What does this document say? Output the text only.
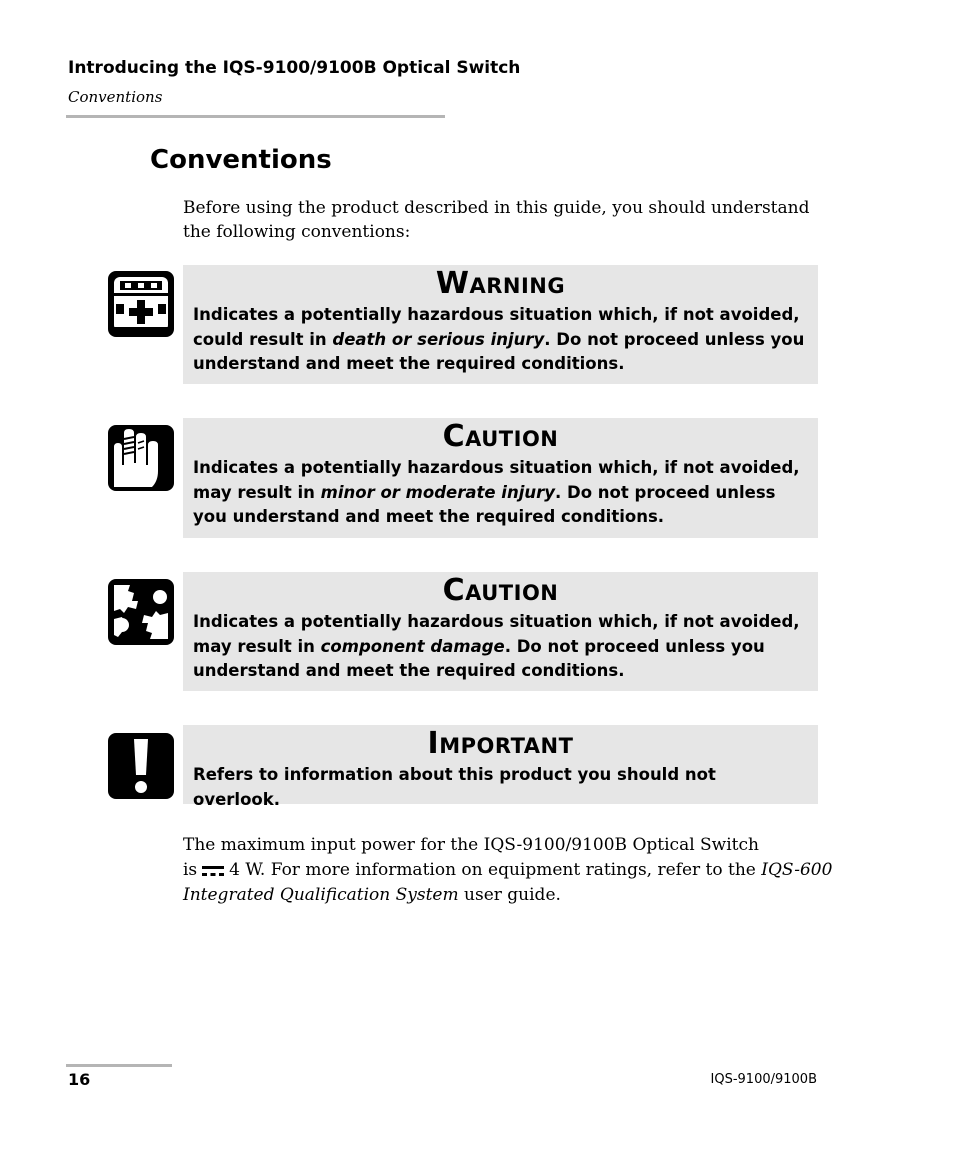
Introducing the IQS-9100/9100B Optical Switch
Conventions
Conventions
Before using the product described in this guide, you should understand the following conventions:
Warning
Indicates a potentially hazardous situation which, if not avoided, could result in death or serious injury. Do not proceed unless you understand and meet the required conditions.
Caution
Indicates a potentially hazardous situation which, if not avoided, may result in minor or moderate injury. Do not proceed unless you understand and meet the required conditions.
Caution
Indicates a potentially hazardous situation which, if not avoided, may result in component damage. Do not proceed unless you understand and meet the required conditions.
Important
Refers to information about this product you should not overlook.
The maximum input power for the IQS-9100/9100B Optical Switch
is 4 W. For more information on equipment ratings, refer to the IQS-600
Integrated Qualification System user guide.
16	IQS-9100/9100B
